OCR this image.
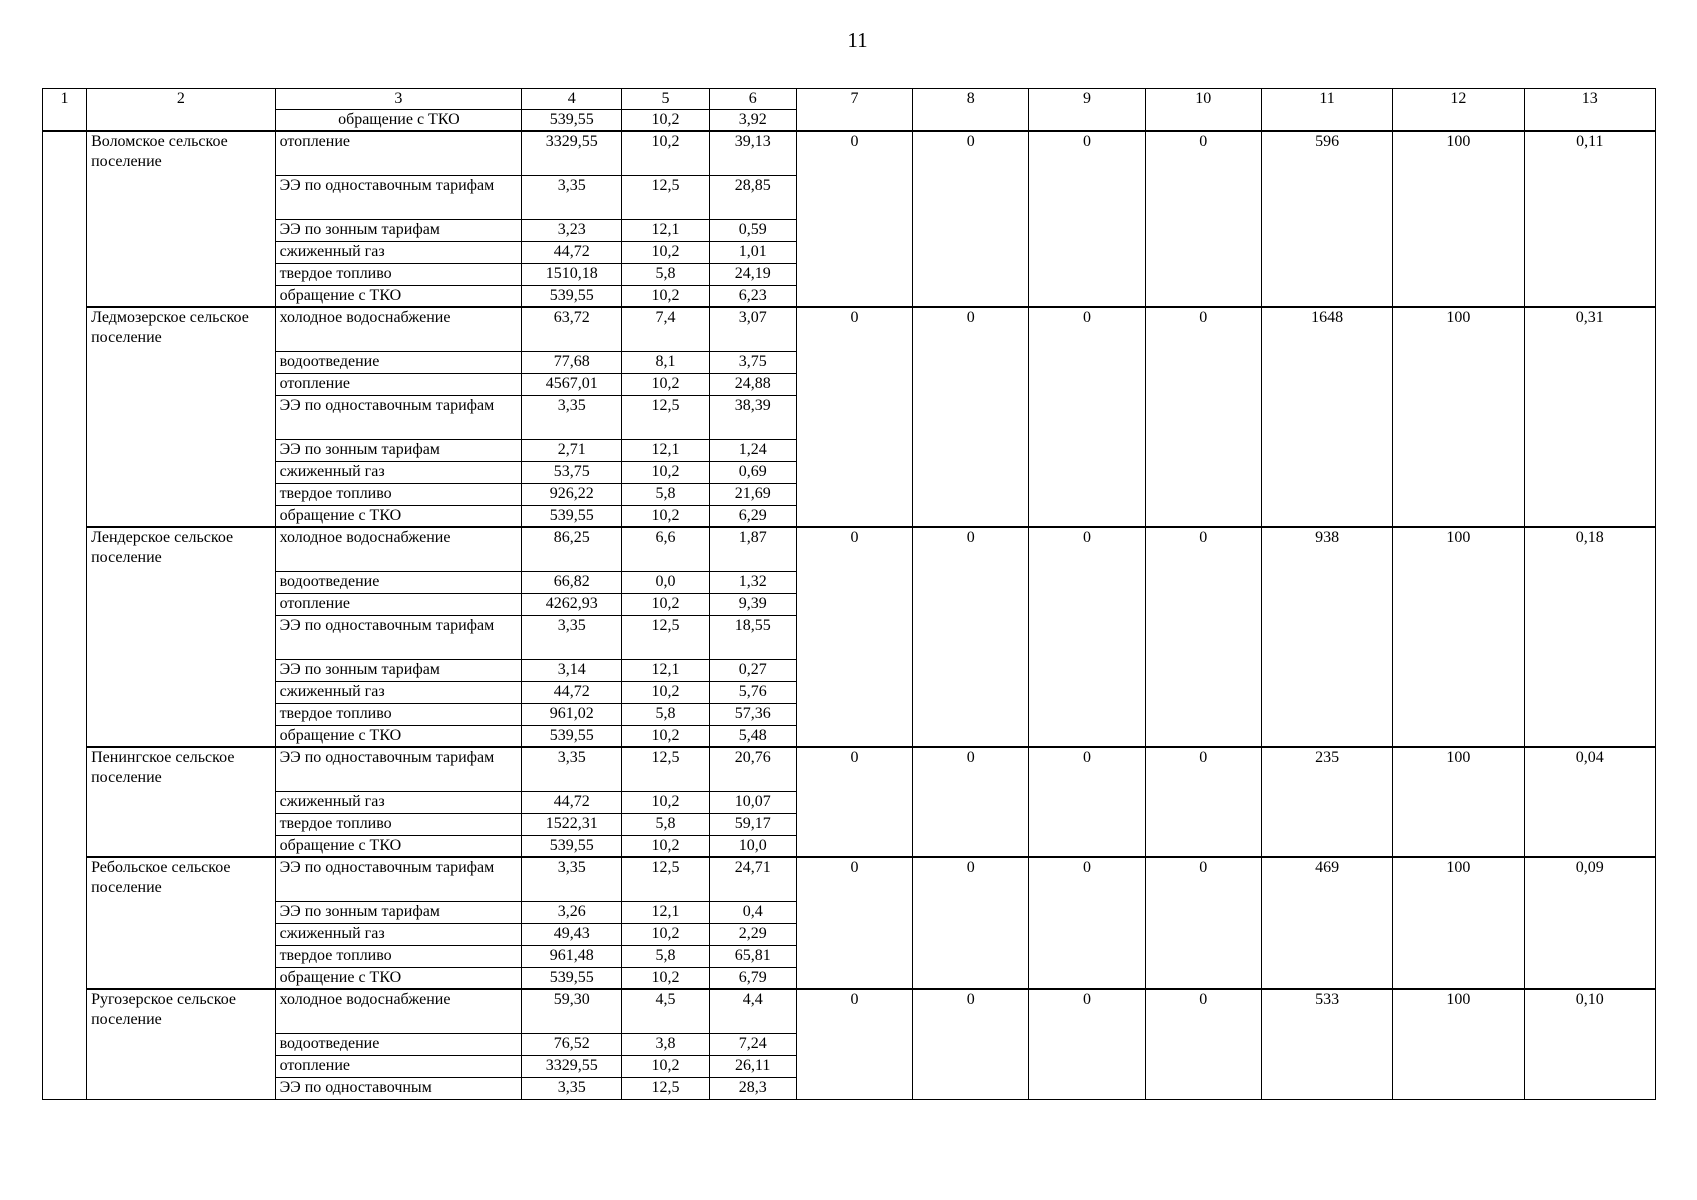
11
1	2	3	4	5	6	7	8	9	10	11	12	13
		обращение с ТКО	539,55	10,2	3,92							
	Воломское сельское поселение	отопление	3329,55	10,2	39,13	0	0	0	0	596	100	0,11
		ЭЭ по одноставочным тарифам	3,35	12,5	28,85							
		ЭЭ по зонным тарифам	3,23	12,1	0,59							
		сжиженный газ	44,72	10,2	1,01							
		твердое топливо	1510,18	5,8	24,19							
		обращение с ТКО	539,55	10,2	6,23							
	Ледмозерское сельское поселение	холодное водоснабжение	63,72	7,4	3,07	0	0	0	0	1648	100	0,31
		водоотведение	77,68	8,1	3,75							
		отопление	4567,01	10,2	24,88							
		ЭЭ по одноставочным тарифам	3,35	12,5	38,39							
		ЭЭ по зонным тарифам	2,71	12,1	1,24							
		сжиженный газ	53,75	10,2	0,69							
		твердое топливо	926,22	5,8	21,69							
		обращение с ТКО	539,55	10,2	6,29							
	Лендерское сельское поселение	холодное водоснабжение	86,25	6,6	1,87	0	0	0	0	938	100	0,18
		водоотведение	66,82	0,0	1,32							
		отопление	4262,93	10,2	9,39							
		ЭЭ по одноставочным тарифам	3,35	12,5	18,55							
		ЭЭ по зонным тарифам	3,14	12,1	0,27							
		сжиженный газ	44,72	10,2	5,76							
		твердое топливо	961,02	5,8	57,36							
		обращение с ТКО	539,55	10,2	5,48							
	Пенингское сельское поселение	ЭЭ по одноставочным тарифам	3,35	12,5	20,76	0	0	0	0	235	100	0,04
		сжиженный газ	44,72	10,2	10,07							
		твердое топливо	1522,31	5,8	59,17							
		обращение с ТКО	539,55	10,2	10,0							
	Ребольское сельское поселение	ЭЭ по одноставочным тарифам	3,35	12,5	24,71	0	0	0	0	469	100	0,09
		ЭЭ по зонным тарифам	3,26	12,1	0,4							
		сжиженный газ	49,43	10,2	2,29							
		твердое топливо	961,48	5,8	65,81							
		обращение с ТКО	539,55	10,2	6,79							
	Ругозерское сельское поселение	холодное водоснабжение	59,30	4,5	4,4	0	0	0	0	533	100	0,10
		водоотведение	76,52	3,8	7,24							
		отопление	3329,55	10,2	26,11							
		ЭЭ по одноставочным	3,35	12,5	28,3							
